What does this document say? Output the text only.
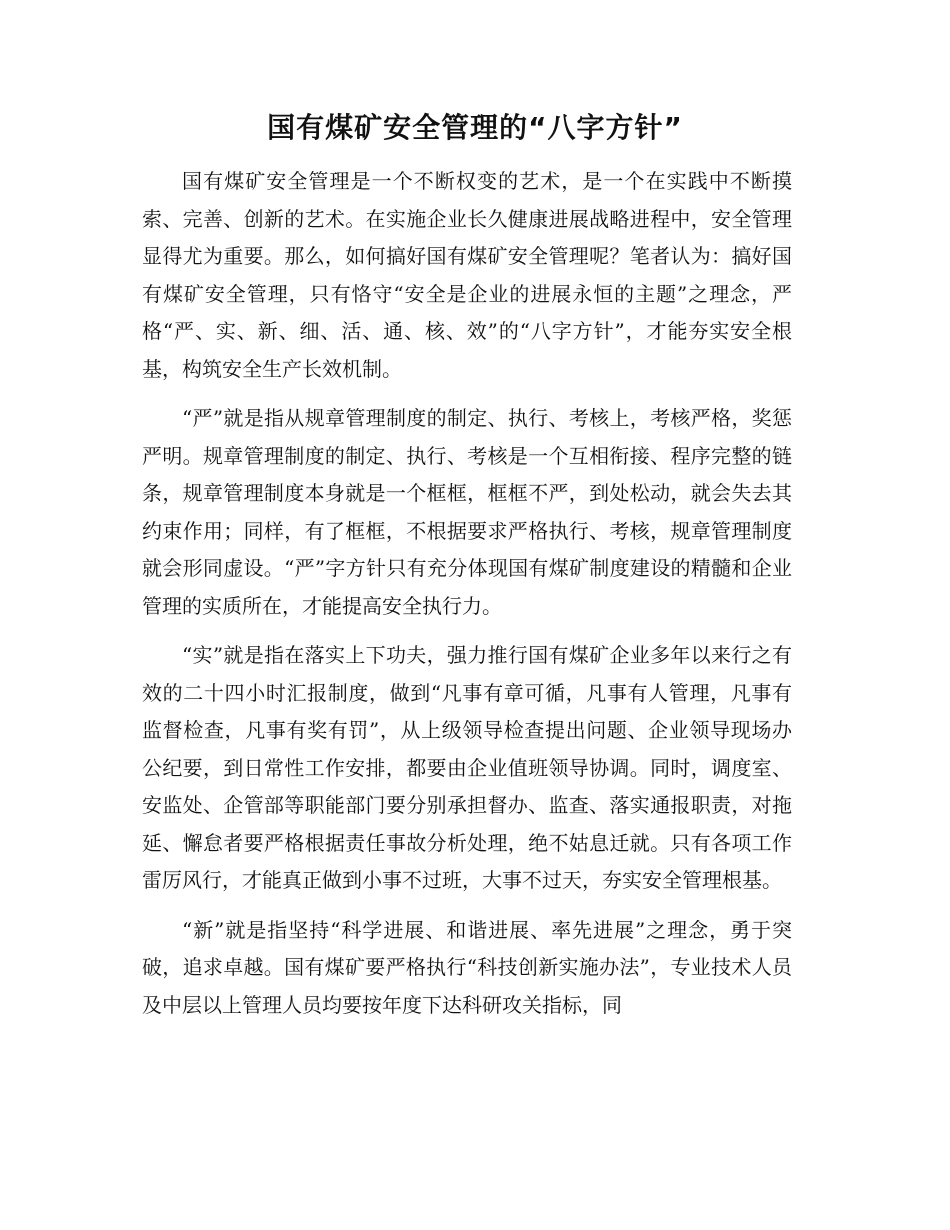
国有煤矿安全管理的“八字方针”

国有煤矿安全管理是一个不断权变的艺术，是一个在实践中不断摸索、完善、创新的艺术。在实施企业长久健康进展战略进程中，安全管理显得尤为重要。那么，如何搞好国有煤矿安全管理呢？笔者认为：搞好国有煤矿安全管理，只有恪守“安全是企业的进展永恒的主题”之理念，严格“严、实、新、细、活、通、核、效”的“八字方针”，才能夯实安全根基，构筑安全生产长效机制。

“严”就是指从规章管理制度的制定、执行、考核上，考核严格，奖惩严明。规章管理制度的制定、执行、考核是一个互相衔接、程序完整的链条，规章管理制度本身就是一个框框，框框不严，到处松动，就会失去其约束作用；同样，有了框框，不根据要求严格执行、考核，规章管理制度就会形同虚设。“严”字方针只有充分体现国有煤矿制度建设的精髓和企业管理的实质所在，才能提高安全执行力。

“实”就是指在落实上下功夫，强力推行国有煤矿企业多年以来行之有效的二十四小时汇报制度，做到“凡事有章可循，凡事有人管理，凡事有监督检查，凡事有奖有罚”，从上级领导检查提出问题、企业领导现场办公纪要，到日常性工作安排，都要由企业值班领导协调。同时，调度室、安监处、企管部等职能部门要分别承担督办、监查、落实通报职责，对拖延、懈怠者要严格根据责任事故分析处理，绝不姑息迁就。只有各项工作雷厉风行，才能真正做到小事不过班，大事不过天，夯实安全管理根基。

“新”就是指坚持“科学进展、和谐进展、率先进展”之理念，勇于突破，追求卓越。国有煤矿要严格执行“科技创新实施办法”，专业技术人员及中层以上管理人员均要按年度下达科研攻关指标，同
